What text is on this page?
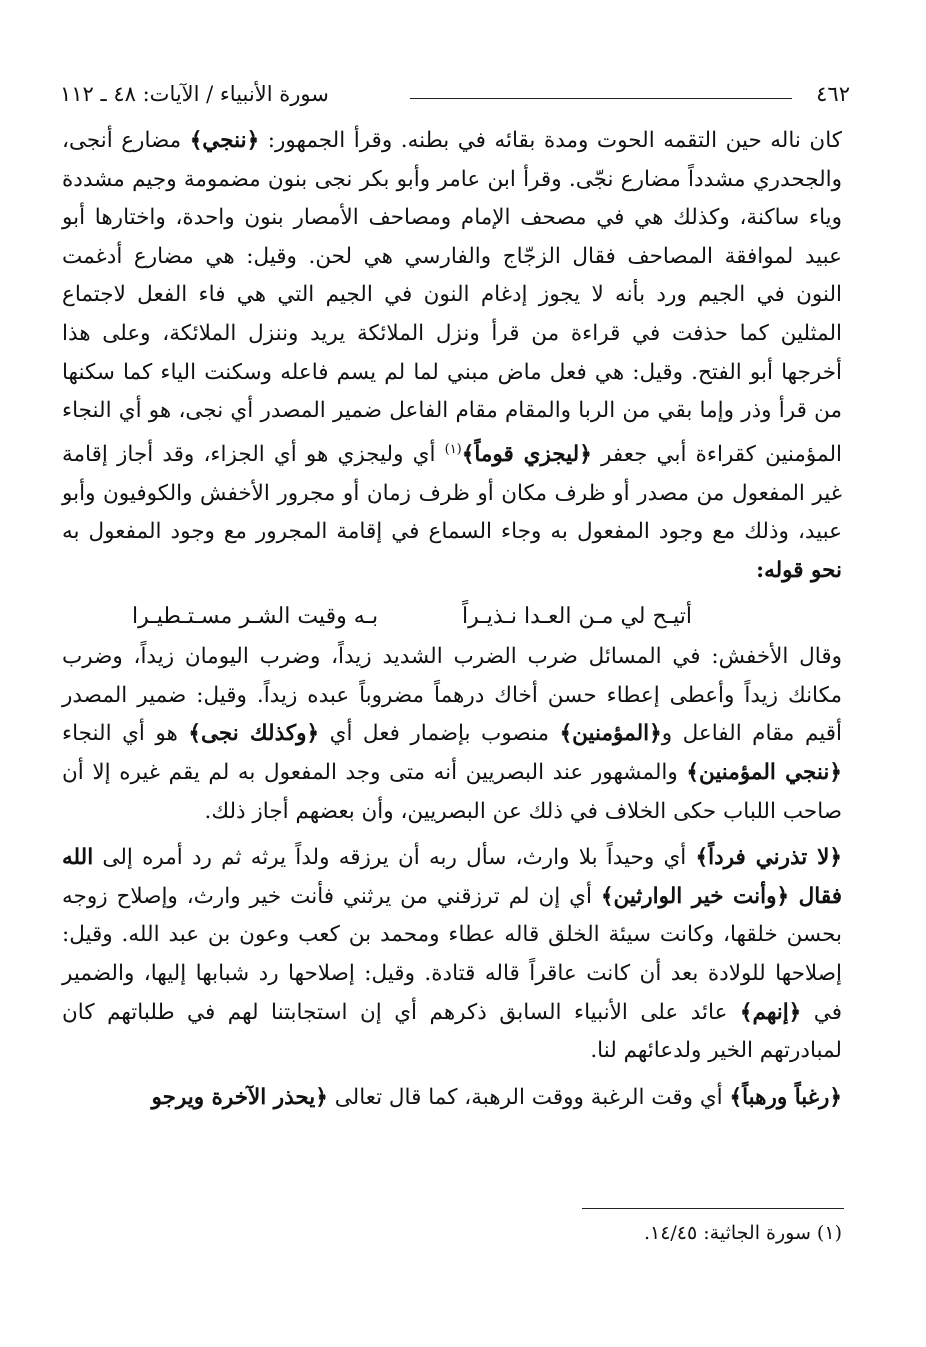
٤٦٢
سورة الأنبياء / الآيات: ٤٨ ـ ١١٢

كان ناله حين التقمه الحوت ومدة بقائه في بطنه. وقرأ الجمهور: ﴿ننجي﴾ مضارع أنجى، والجحدري مشدداً مضارع نجّى. وقرأ ابن عامر وأبو بكر نجى بنون مضمومة وجيم مشددة وياء ساكنة، وكذلك هي في مصحف الإمام ومصاحف الأمصار بنون واحدة، واختارها أبو عبيد لموافقة المصاحف فقال الزجّاج والفارسي هي لحن. وقيل: هي مضارع أدغمت النون في الجيم ورد بأنه لا يجوز إدغام النون في الجيم التي هي فاء الفعل لاجتماع المثلين كما حذفت في قراءة من قرأ ونزل الملائكة يريد وننزل الملائكة، وعلى هذا أخرجها أبو الفتح. وقيل: هي فعل ماض مبني لما لم يسم فاعله وسكنت الياء كما سكنها من قرأ وذر وإما بقي من الربا والمقام مقام الفاعل ضمير المصدر أي نجى، هو أي النجاء المؤمنين كقراءة أبي جعفر ﴿ليجزي قوماً﴾$^{(١)}$ أي وليجزي هو أي الجزاء، وقد أجاز إقامة غير المفعول من مصدر أو ظرف مكان أو ظرف زمان أو مجرور الأخفش والكوفيون وأبو عبيد، وذلك مع وجود المفعول به وجاء السماع في إقامة المجرور مع وجود المفعول به نحو قوله:

أتيـح لي مـن العـدا نـذيـراً
بـه وقيت الشـر مسـتـطيـرا

وقال الأخفش: في المسائل ضرب الضرب الشديد زيداً، وضرب اليومان زيداً، وضرب مكانك زيداً وأعطى إعطاء حسن أخاك درهماً مضروباً عبده زيداً. وقيل: ضمير المصدر أقيم مقام الفاعل و﴿المؤمنين﴾ منصوب بإضمار فعل أي ﴿وكذلك نجى﴾ هو أي النجاء ﴿ننجي المؤمنين﴾ والمشهور عند البصريين أنه متى وجد المفعول به لم يقم غيره إلا أن صاحب اللباب حكى الخلاف في ذلك عن البصريين، وأن بعضهم أجاز ذلك.

﴿لا تذرني فرداً﴾ أي وحيداً بلا وارث، سأل ربه أن يرزقه ولداً يرثه ثم رد أمره إلى الله فقال ﴿وأنت خير الوارثين﴾ أي إن لم ترزقني من يرثني فأنت خير وارث، وإصلاح زوجه بحسن خلقها، وكانت سيئة الخلق قاله عطاء ومحمد بن كعب وعون بن عبد الله. وقيل: إصلاحها للولادة بعد أن كانت عاقراً قاله قتادة. وقيل: إصلاحها رد شبابها إليها، والضمير في ﴿إنهم﴾ عائد على الأنبياء السابق ذكرهم أي إن استجابتنا لهم في طلباتهم كان لمبادرتهم الخير ولدعائهم لنا.

﴿رغباً ورهباً﴾ أي وقت الرغبة ووقت الرهبة، كما قال تعالى ﴿يحذر الآخرة ويرجو

(١) سورة الجاثية: ١٤/٤٥.
